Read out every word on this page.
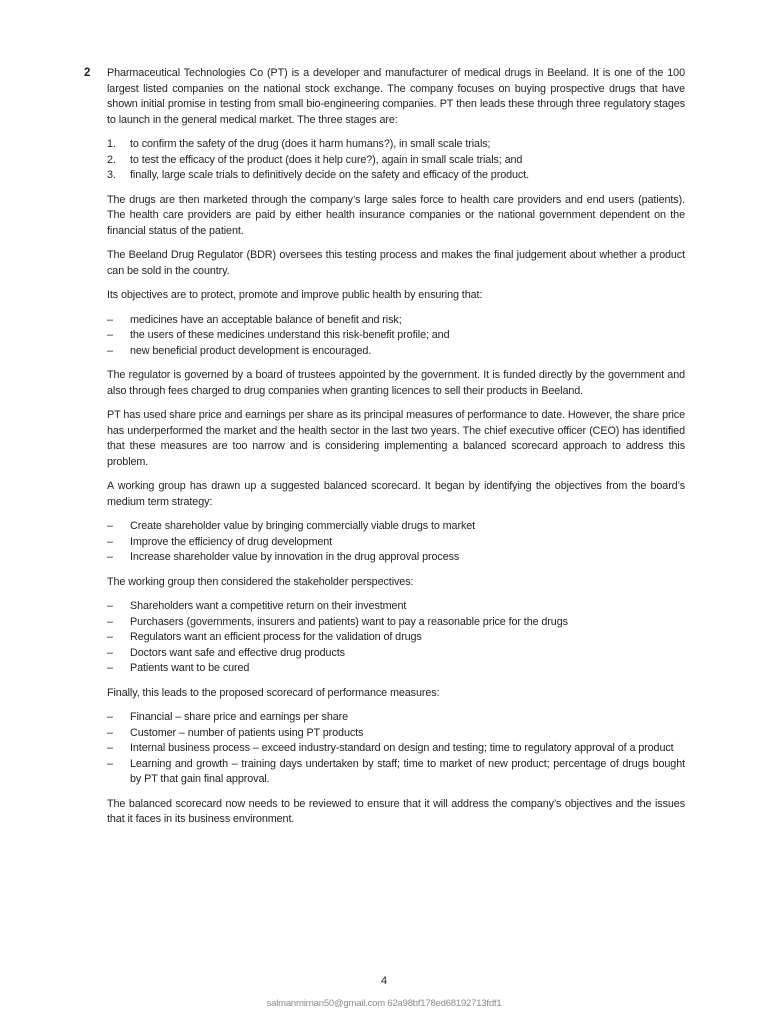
2 Pharmaceutical Technologies Co (PT) is a developer and manufacturer of medical drugs in Beeland. It is one of the 100 largest listed companies on the national stock exchange. The company focuses on buying prospective drugs that have shown initial promise in testing from small bio-engineering companies. PT then leads these through three regulatory stages to launch in the general medical market. The three stages are:

1.	to confirm the safety of the drug (does it harm humans?), in small scale trials;
2.	to test the efficacy of the product (does it help cure?), again in small scale trials; and
3.	finally, large scale trials to definitively decide on the safety and efficacy of the product.

The drugs are then marketed through the company’s large sales force to health care providers and end users (patients). The health care providers are paid by either health insurance companies or the national government dependent on the financial status of the patient.

The Beeland Drug Regulator (BDR) oversees this testing process and makes the final judgement about whether a product can be sold in the country.

Its objectives are to protect, promote and improve public health by ensuring that:

–	medicines have an acceptable balance of benefit and risk;
–	the users of these medicines understand this risk-benefit profile; and
–	new beneficial product development is encouraged.

The regulator is governed by a board of trustees appointed by the government. It is funded directly by the government and also through fees charged to drug companies when granting licences to sell their products in Beeland.

PT has used share price and earnings per share as its principal measures of performance to date. However, the share price has underperformed the market and the health sector in the last two years. The chief executive officer (CEO) has identified that these measures are too narrow and is considering implementing a balanced scorecard approach to address this problem.

A working group has drawn up a suggested balanced scorecard. It began by identifying the objectives from the board’s medium term strategy:

–	Create shareholder value by bringing commercially viable drugs to market
–	Improve the efficiency of drug development
–	Increase shareholder value by innovation in the drug approval process

The working group then considered the stakeholder perspectives:

–	Shareholders want a competitive return on their investment
–	Purchasers (governments, insurers and patients) want to pay a reasonable price for the drugs
–	Regulators want an efficient process for the validation of drugs
–	Doctors want safe and effective drug products
–	Patients want to be cured

Finally, this leads to the proposed scorecard of performance measures:

–	Financial – share price and earnings per share
–	Customer – number of patients using PT products
–	Internal business process – exceed industry-standard on design and testing; time to regulatory approval of a product
–	Learning and growth – training days undertaken by staff; time to market of new product; percentage of drugs bought by PT that gain final approval.

The balanced scorecard now needs to be reviewed to ensure that it will address the company’s objectives and the issues that it faces in its business environment.

4
salmanmirnan50@gmail.com 62a98bf178ed68192713fdf1
